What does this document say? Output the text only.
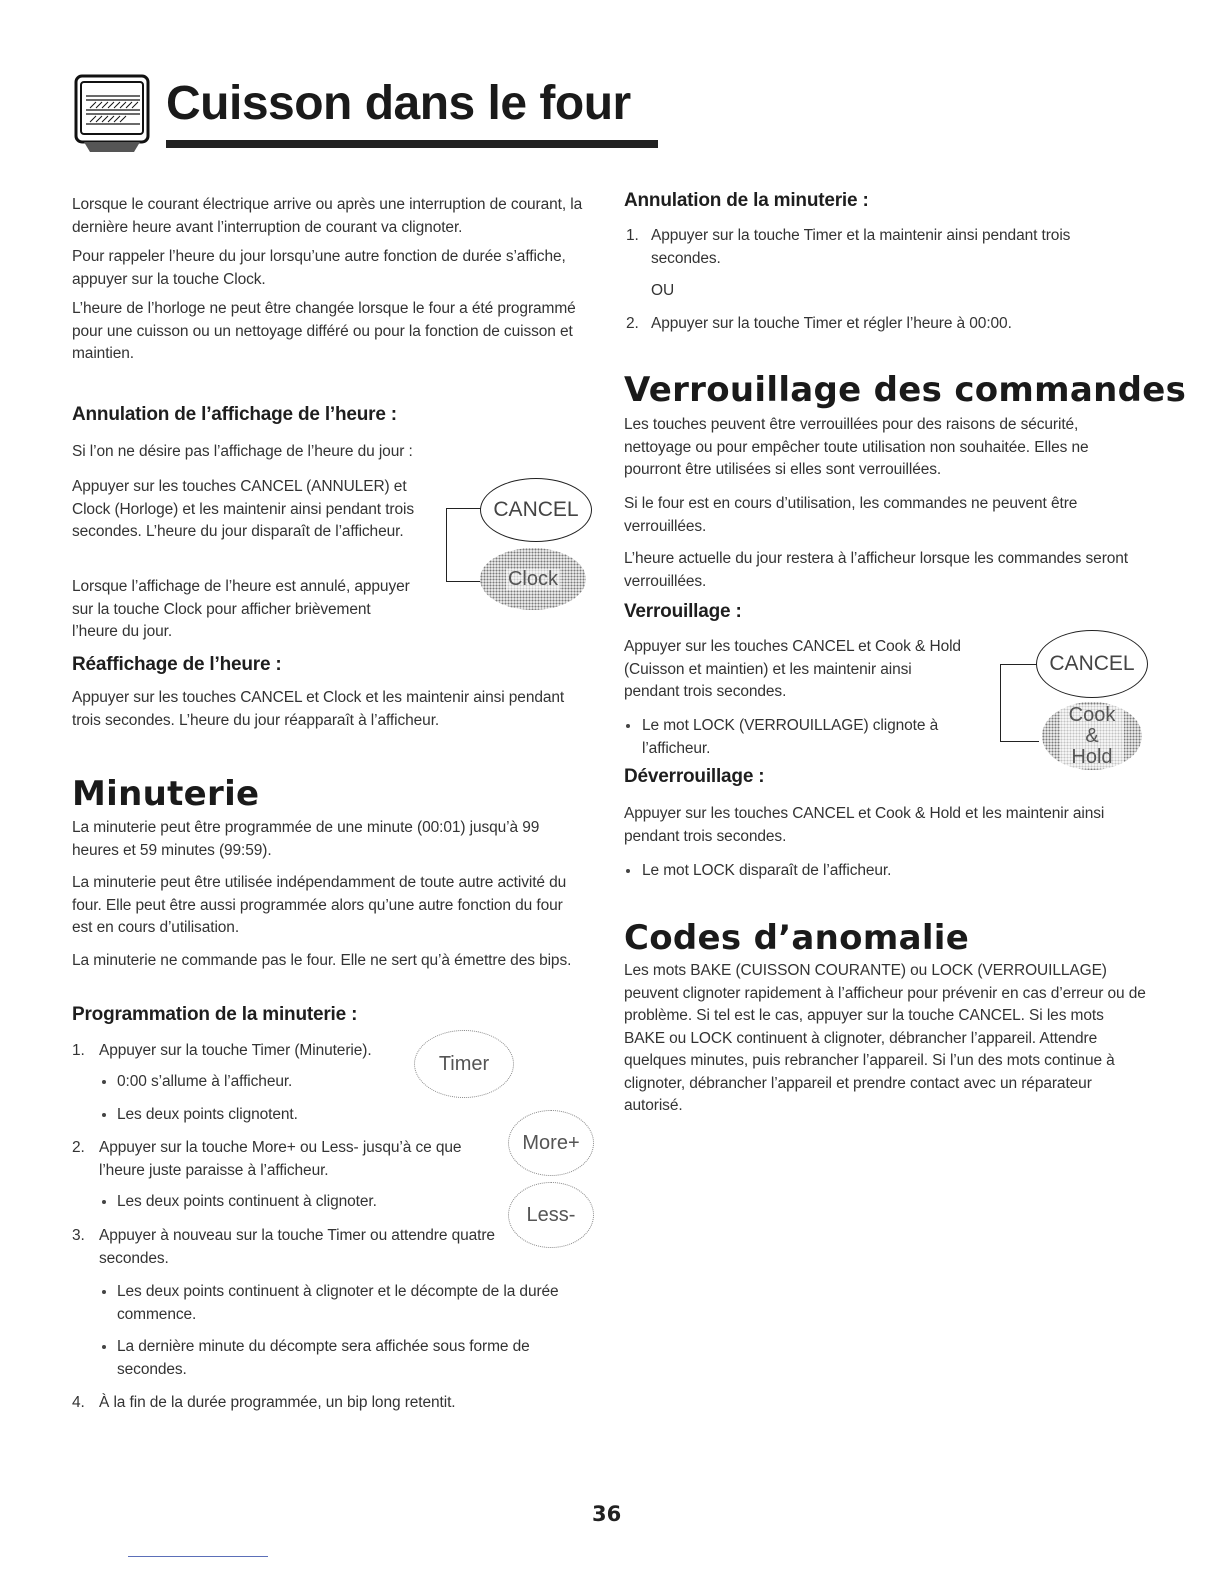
Cuisson dans le four

Lorsque le courant électrique arrive ou après une interruption de courant, la dernière heure avant l’interruption de courant va clignoter.

Pour rappeler l’heure du jour lorsqu’une autre fonction de durée s’affiche, appuyer sur la touche Clock.

L’heure de l’horloge ne peut être changée lorsque le four a été programmé pour une cuisson ou un nettoyage différé ou pour la fonction de cuisson et maintien.

Annulation de l’affichage de l’heure :

Si l’on ne désire pas l’affichage de l’heure du jour :

Appuyer sur les touches CANCEL (ANNULER) et Clock (Horloge) et les maintenir ainsi pendant trois secondes. L’heure du jour disparaît de l’afficheur.

Lorsque l’affichage de l’heure est annulé, appuyer sur la touche Clock pour afficher brièvement l’heure du jour.

CANCEL
Clock
Réaffichage de l’heure :

Appuyer sur les touches CANCEL et Clock et les maintenir ainsi pendant trois secondes. L’heure du jour réapparaît à l’afficheur.

Minuterie

La minuterie peut être programmée de une minute (00:01) jusqu’à 99 heures et 59 minutes (99:59).

La minuterie peut être utilisée indépendamment de toute autre activité du four. Elle peut être aussi programmée alors qu’une autre fonction du four est en cours d’utilisation.

La minuterie ne commande pas le four. Elle ne sert qu’à émettre des bips.

Programmation de la minuterie :
1. Appuyer sur la touche Timer (Minuterie).

0:00 s’allume à l’afficheur.

Les deux points clignotent.

2. Appuyer sur la touche More+ ou Less- jusqu’à ce que l’heure juste paraisse à l’afficheur.

Les deux points continuent à clignoter.

3. Appuyer à nouveau sur la touche Timer ou attendre quatre secondes.

Les deux points continuent à clignoter et le décompte de la durée commence.

La dernière minute du décompte sera affichée sous forme de secondes.

4. À la fin de la durée programmée, un bip long retentit.

Timer
More+
Less-
Annulation de la minuterie :
1. Appuyer sur la touche Timer et la maintenir ainsi pendant trois secondes.

OU

2. Appuyer sur la touche Timer et régler l’heure à 00:00.

Verrouillage des commandes

Les touches peuvent être verrouillées pour des raisons de sécurité, nettoyage ou pour empêcher toute utilisation non souhaitée. Elles ne pourront être utilisées si elles sont verrouillées.

Si le four est en cours d’utilisation, les commandes ne peuvent être verrouillées.

L’heure actuelle du jour restera à l’afficheur lorsque les commandes seront verrouillées.

Verrouillage :

Appuyer sur les touches CANCEL et Cook & Hold (Cuisson et maintien) et les maintenir ainsi pendant trois secondes.

Le mot LOCK (VERROUILLAGE) clignote à l’afficheur.

CANCEL
Cook & Hold
Déverrouillage :

Appuyer sur les touches CANCEL et Cook & Hold et les maintenir ainsi pendant trois secondes.

Le mot LOCK disparaît de l’afficheur.

Codes d’anomalie

Les mots BAKE (CUISSON COURANTE) ou LOCK (VERROUILLAGE) peuvent clignoter rapidement à l’afficheur pour prévenir en cas d’erreur ou de problème. Si tel est le cas, appuyer sur la touche CANCEL. Si les mots BAKE ou LOCK continuent à clignoter, débrancher l’appareil. Attendre quelques minutes, puis rebrancher l’appareil. Si l’un des mots continue à clignoter, débrancher l’appareil et prendre contact avec un réparateur autorisé.

36
